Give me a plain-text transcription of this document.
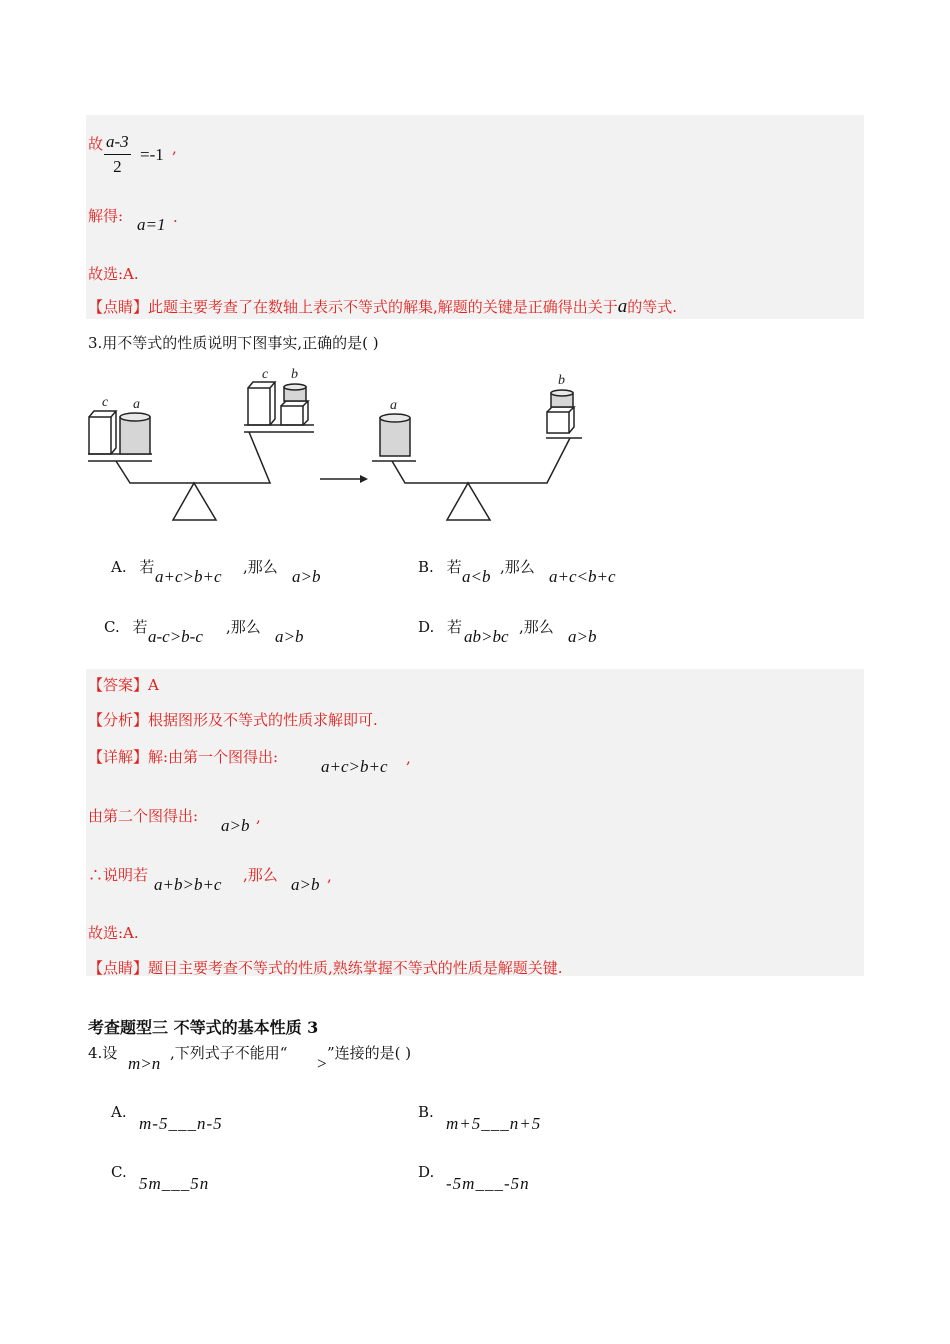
故 $\frac{a-3}{2} =-1$ ,
解得: a=1 .
故选:A.
【点睛】此题主要考查了在数轴上表示不等式的解集,解题的关键是正确得出关于a的等式.
3.用不等式的性质说明下图事实,正确的是( )
c a
c b
a
b
A. 若 a+c>b+c ,那么 a>b	B. 若 a<b ,那么 a+c<b+c
C. 若 a-c>b-c ,那么 a>b	D. 若 ab>bc ,那么 a>b
【答案】A
【分析】根据图形及不等式的性质求解即可.
【详解】解:由第一个图得出:	a+c>b+c ,
由第二个图得出: a>b ,
∴说明若 a+b>b+c ,那么 a>b ,
故选:A.
【点睛】题目主要考查不等式的性质,熟练掌握不等式的性质是解题关键.
考查题型三 不等式的基本性质 3
4.设
m>n
,下列式子不能用“
>
”连接的是( )
A.
m-5___n-5
B.
m+5___n+5
C.
5m___5n
D.
-5m___-5n
